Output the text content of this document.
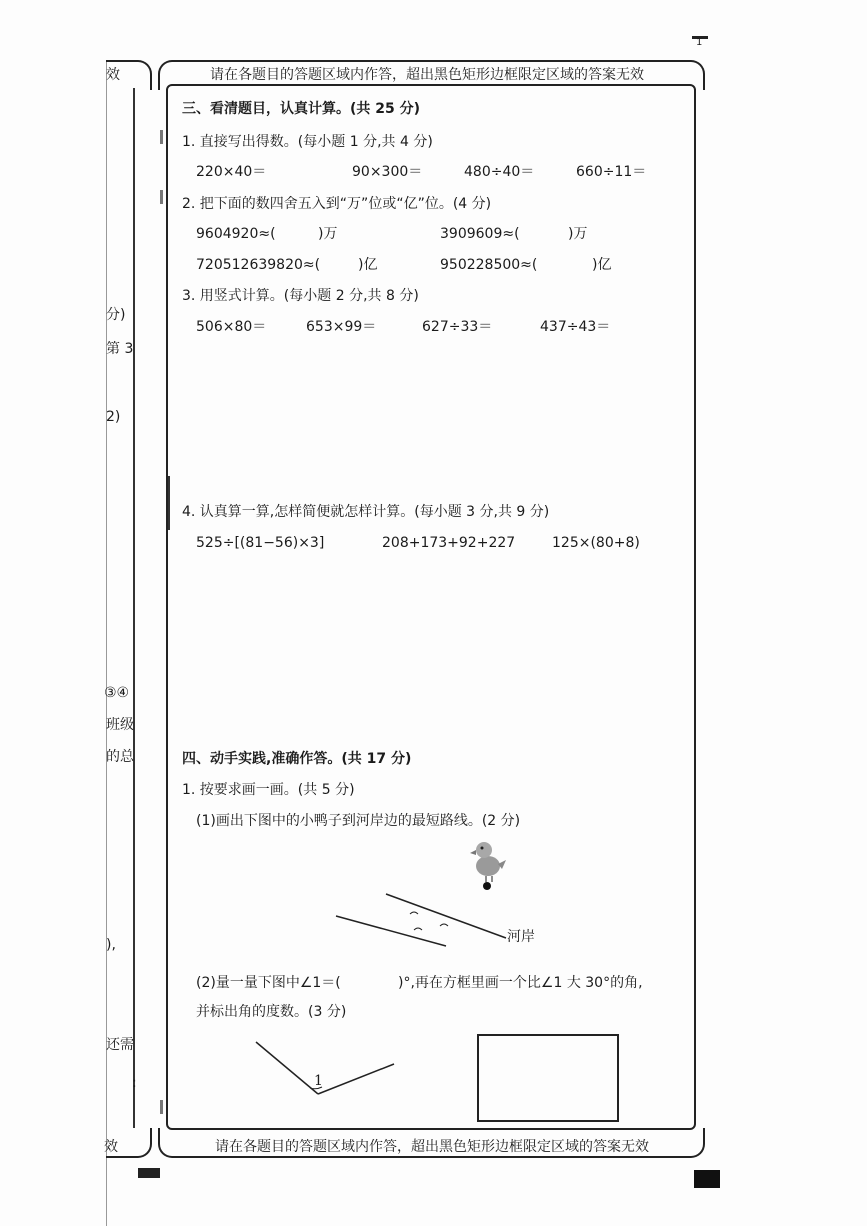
1
请在各题目的答题区域内作答，超出黑色矩形边框限定区域的答案无效
请在各题目的答题区域内作答，超出黑色矩形边框限定区域的答案无效
效
效
分)
第 3
2)
③④
班级
的总
),
还需
:
三、看清题目，认真计算。(共 25 分)
1. 直接写出得数。(每小题 1 分,共 4 分)
220×40＝	90×300＝	480÷40＝	660÷11＝
2. 把下面的数四舍五入到“万”位或“亿”位。(4 分)
9604920≈(	)万	3909609≈(	)万
720512639820≈(	)亿	950228500≈(	)亿
3. 用竖式计算。(每小题 2 分,共 8 分)
506×80＝	653×99＝	627÷33＝	437÷43＝
4. 认真算一算,怎样简便就怎样计算。(每小题 3 分,共 9 分)
525÷[(81−56)×3]	208+173+92+227	125×(80+8)
四、动手实践,准确作答。(共 17 分)
1. 按要求画一画。(共 5 分)
(1)画出下图中的小鸭子到河岸边的最短路线。(2 分)
河岸
(2)量一量下图中∠1＝(	)°,再在方框里画一个比∠1 大 30°的角,
并标出角的度数。(3 分)
1
